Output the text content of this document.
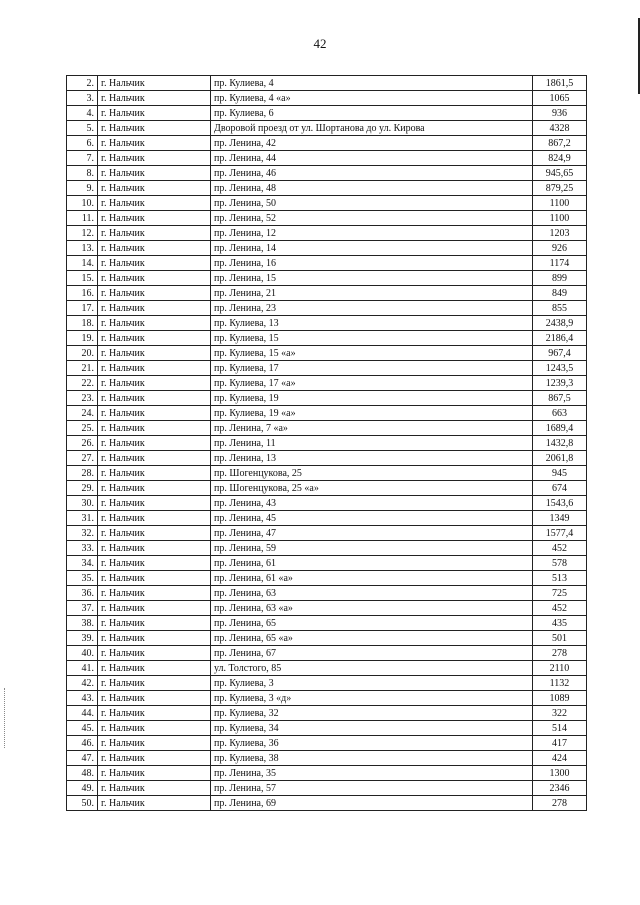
42
2.	г. Нальчик	пр. Кулиева, 4	1861,5
3.	г. Нальчик	пр. Кулиева, 4 «а»	1065
4.	г. Нальчик	пр. Кулиева, 6	936
5.	г. Нальчик	Дворовой проезд от ул. Шортанова до ул. Кирова	4328
6.	г. Нальчик	пр. Ленина, 42	867,2
7.	г. Нальчик	пр. Ленина, 44	824,9
8.	г. Нальчик	пр. Ленина, 46	945,65
9.	г. Нальчик	пр. Ленина, 48	879,25
10.	г. Нальчик	пр. Ленина, 50	1100
11.	г. Нальчик	пр. Ленина, 52	1100
12.	г. Нальчик	пр. Ленина, 12	1203
13.	г. Нальчик	пр. Ленина, 14	926
14.	г. Нальчик	пр. Ленина, 16	1174
15.	г. Нальчик	пр. Ленина, 15	899
16.	г. Нальчик	пр. Ленина, 21	849
17.	г. Нальчик	пр. Ленина, 23	855
18.	г. Нальчик	пр. Кулиева, 13	2438,9
19.	г. Нальчик	пр. Кулиева, 15	2186,4
20.	г. Нальчик	пр. Кулиева, 15 «а»	967,4
21.	г. Нальчик	пр. Кулиева, 17	1243,5
22.	г. Нальчик	пр. Кулиева, 17 «а»	1239,3
23.	г. Нальчик	пр. Кулиева, 19	867,5
24.	г. Нальчик	пр. Кулиева, 19 «а»	663
25.	г. Нальчик	пр. Ленина, 7 «а»	1689,4
26.	г. Нальчик	пр. Ленина, 11	1432,8
27.	г. Нальчик	пр. Ленина, 13	2061,8
28.	г. Нальчик	пр. Шогенцукова, 25	945
29.	г. Нальчик	пр. Шогенцукова, 25 «а»	674
30.	г. Нальчик	пр. Ленина, 43	1543,6
31.	г. Нальчик	пр. Ленина, 45	1349
32.	г. Нальчик	пр. Ленина, 47	1577,4
33.	г. Нальчик	пр. Ленина, 59	452
34.	г. Нальчик	пр. Ленина, 61	578
35.	г. Нальчик	пр. Ленина, 61 «а»	513
36.	г. Нальчик	пр. Ленина, 63	725
37.	г. Нальчик	пр. Ленина, 63 «а»	452
38.	г. Нальчик	пр. Ленина, 65	435
39.	г. Нальчик	пр. Ленина, 65 «а»	501
40.	г. Нальчик	пр. Ленина, 67	278
41.	г. Нальчик	ул. Толстого, 85	2110
42.	г. Нальчик	пр. Кулиева, 3	1132
43.	г. Нальчик	пр. Кулиева, 3 «д»	1089
44.	г. Нальчик	пр. Кулиева, 32	322
45.	г. Нальчик	пр. Кулиева, 34	514
46.	г. Нальчик	пр. Кулиева, 36	417
47.	г. Нальчик	пр. Кулиева, 38	424
48.	г. Нальчик	пр. Ленина, 35	1300
49.	г. Нальчик	пр. Ленина, 57	2346
50.	г. Нальчик	пр. Ленина, 69	278
